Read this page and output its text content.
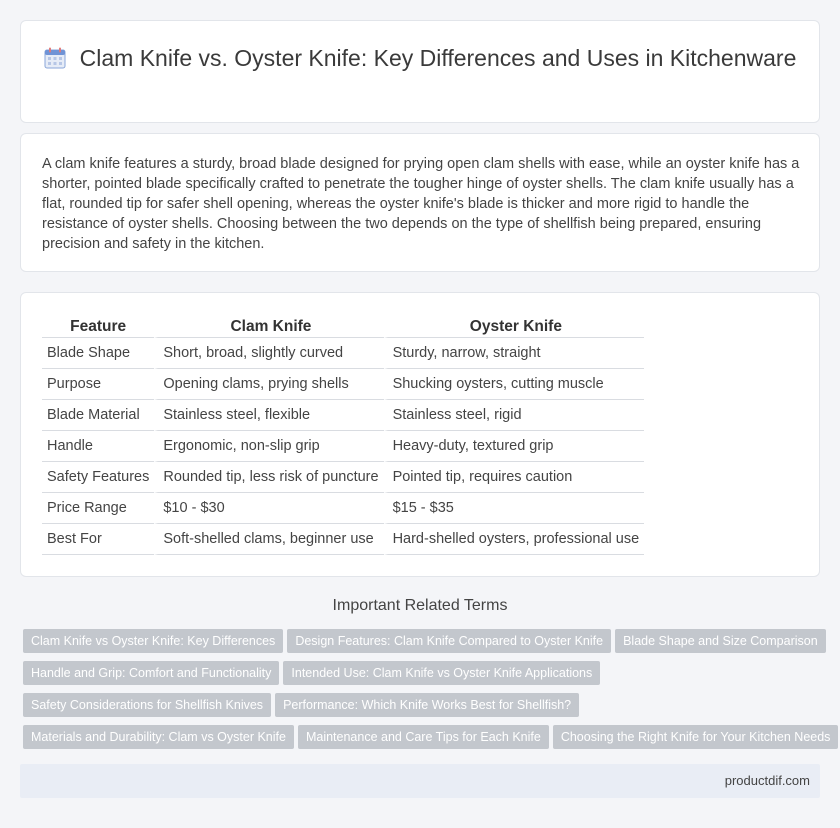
Clam Knife vs. Oyster Knife: Key Differences and Uses in Kitchenware

A clam knife features a sturdy, broad blade designed for prying open clam shells with ease, while an oyster knife has a shorter, pointed blade specifically crafted to penetrate the tougher hinge of oyster shells. The clam knife usually has a flat, rounded tip for safer shell opening, whereas the oyster knife's blade is thicker and more rigid to handle the resistance of oyster shells. Choosing between the two depends on the type of shellfish being prepared, ensuring precision and safety in the kitchen.

Feature	Clam Knife	Oyster Knife
Blade Shape	Short, broad, slightly curved	Sturdy, narrow, straight
Purpose	Opening clams, prying shells	Shucking oysters, cutting muscle
Blade Material	Stainless steel, flexible	Stainless steel, rigid
Handle	Ergonomic, non-slip grip	Heavy-duty, textured grip
Safety Features	Rounded tip, less risk of puncture	Pointed tip, requires caution
Price Range	$10 - $30	$15 - $35
Best For	Soft-shelled clams, beginner use	Hard-shelled oysters, professional use
Important Related Terms
Clam Knife vs Oyster Knife: Key Differences Design Features: Clam Knife Compared to Oyster Knife Blade Shape and Size Comparison
Handle and Grip: Comfort and Functionality Intended Use: Clam Knife vs Oyster Knife Applications
Safety Considerations for Shellfish Knives Performance: Which Knife Works Best for Shellfish?
Materials and Durability: Clam vs Oyster Knife Maintenance and Care Tips for Each Knife Choosing the Right Knife for Your Kitchen Needs
productdif.com
